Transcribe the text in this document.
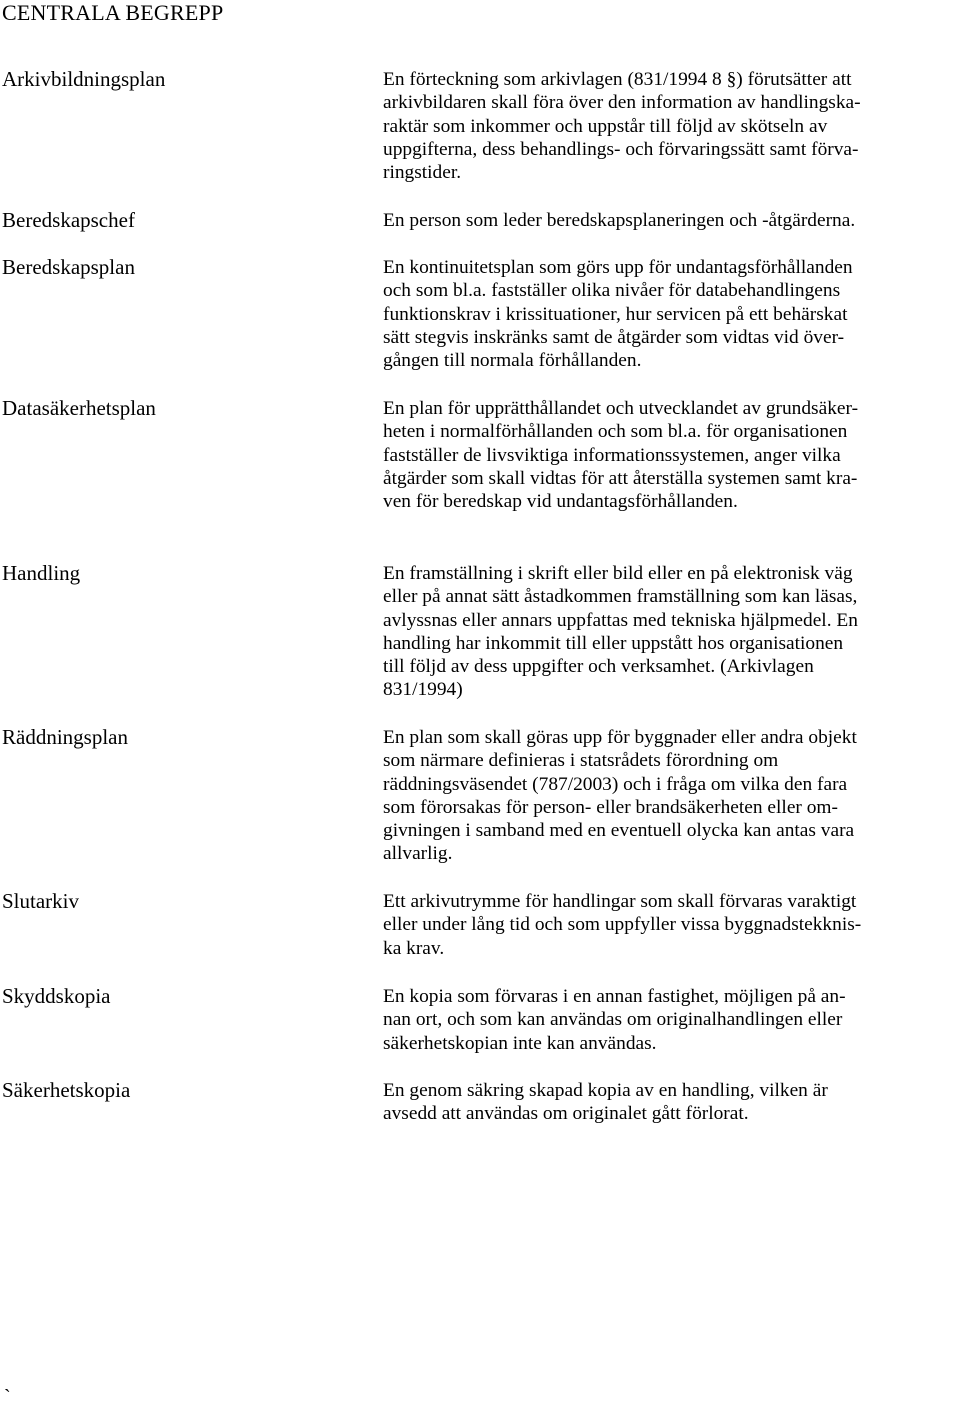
CENTRALA BEGREPP
Arkivbildningsplan	En förteckning som arkivlagen (831/1994 8 §) förutsätter att
arkivbildaren skall föra över den information av handlingska-
raktär som inkommer och uppstår till följd av skötseln av
uppgifterna, dess behandlings- och förvaringssätt samt förva-
ringstider.
Beredskapschef	En person som leder beredskapsplaneringen och -åtgärderna.
Beredskapsplan	En kontinuitetsplan som görs upp för undantagsförhållanden
och som bl.a. fastställer olika nivåer för databehandlingens
funktionskrav i krissituationer, hur servicen på ett behärskat
sätt stegvis inskränks samt de åtgärder som vidtas vid över-
gången till normala förhållanden.
Datasäkerhetsplan	En plan för upprätthållandet och utvecklandet av grundsäker-
heten i normalförhållanden och som bl.a. för organisationen
fastställer de livsviktiga informationssystemen, anger vilka
åtgärder som skall vidtas för att återställa systemen samt kra-
ven för beredskap vid undantagsförhållanden.
Handling	En framställning i skrift eller bild eller en på elektronisk väg
eller på annat sätt åstadkommen framställning som kan läsas,
avlyssnas eller annars uppfattas med tekniska hjälpmedel. En
handling har inkommit till eller uppstått hos organisationen
till följd av dess uppgifter och verksamhet. (Arkivlagen
831/1994)
Räddningsplan	En plan som skall göras upp för byggnader eller andra objekt
som närmare definieras i statsrådets förordning om
räddningsväsendet (787/2003) och i fråga om vilka den fara
som förorsakas för person- eller brandsäkerheten eller om-
givningen i samband med en eventuell olycka kan antas vara
allvarlig.
Slutarkiv	Ett arkivutrymme för handlingar som skall förvaras varaktigt
eller under lång tid och som uppfyller vissa byggnadstekknis-
ka krav.
Skyddskopia	En kopia som förvaras i en annan fastighet, möjligen på an-
nan ort, och som kan användas om originalhandlingen eller
säkerhetskopian inte kan användas.
Säkerhetskopia	En genom säkring skapad kopia av en handling, vilken är
avsedd att användas om originalet gått förlorat.
`
